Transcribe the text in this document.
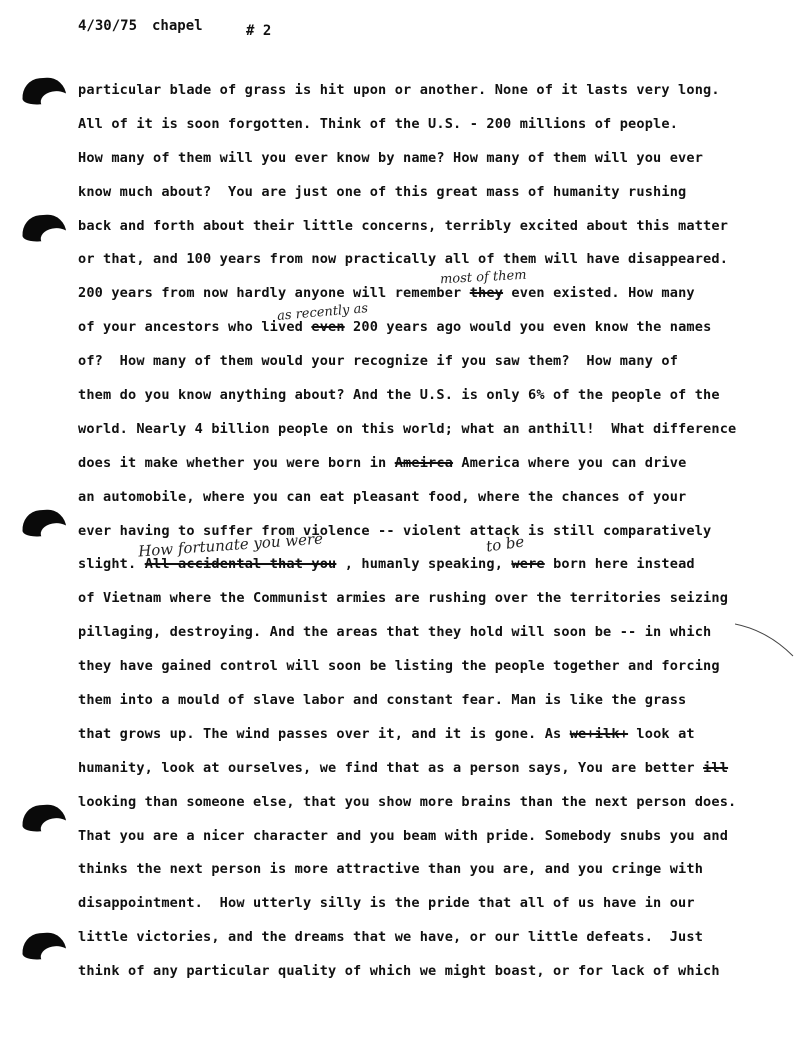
4/30/75

chapel

	# 2

particular blade of grass is hit upon or another. None of it lasts very long.
All of it is soon forgotten. Think of the U.S. - 200 millions of people.
How many of them will you ever know by name? How many of them will you ever
know much about?  You are just one of this great mass of humanity rushing
back and forth about their little concerns, terribly excited about this matter
or that, and 100 years from now practically all of them will have disappeared.
200 years from now hardly anyone will remember they even existed. How many
of your ancestors who lived even 200 years ago would you even know the names
of?  How many of them would your recognize if you saw them?  How many of
them do you know anything about? And the U.S. is only 6% of the people of the
world. Nearly 4 billion people on this world; what an anthill!  What difference
does it make whether you were born in Ameirca America where you can drive
an automobile, where you can eat pleasant food, where the chances of your
ever having to suffer from violence -- violent attack is still comparatively
slight. All accidental that you , humanly speaking, were born here instead
of Vietnam where the Communist armies are rushing over the territories seizing
pillaging, destroying. And the areas that they hold will soon be -- in which
they have gained control will soon be listing the people together and forcing
them into a mould of slave labor and constant fear. Man is like the grass
that grows up. The wind passes over it, and it is gone. As we+ilk+ look at
humanity, look at ourselves, we find that as a person says, You are better ill
looking than someone else, that you show more brains than the next person does.
That you are a nicer character and you beam with pride. Somebody snubs you and
thinks the next person is more attractive than you are, and you cringe with
disappointment.  How utterly silly is the pride that all of us have in our
little victories, and the dreams that we have, or our little defeats.  Just
think of any particular quality of which we might boast, or for lack of which
most of them
as recently as
How fortunate you were	to be
